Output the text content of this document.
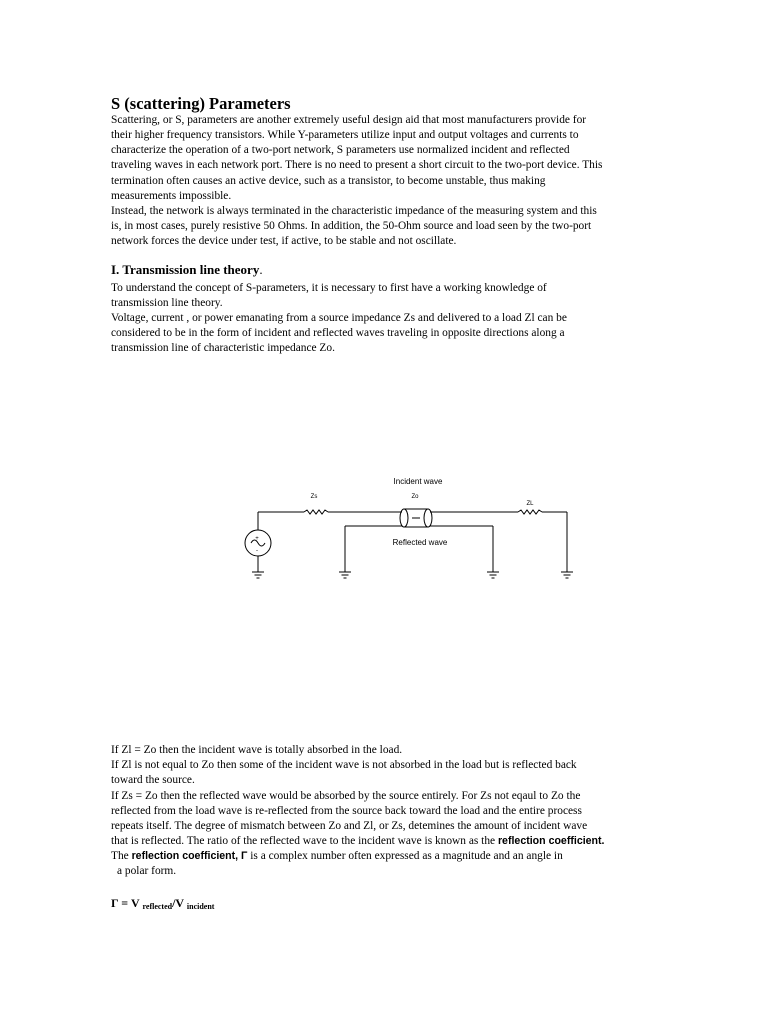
S (scattering) Parameters
Scattering, or S, parameters are another extremely useful design aid that most manufacturers provide for
their higher frequency transistors. While Y-parameters utilize input and output voltages and currents to
characterize the operation of a two-port network, S parameters use normalized incident and reflected
traveling waves in each network port. There is no need to present a short circuit to the two-port device. This
termination often causes an active device, such as a transistor, to become unstable, thus making
measurements impossible.
Instead, the network is always terminated in the characteristic impedance of the measuring system and this
is, in most cases, purely resistive 50 Ohms. In addition, the 50-Ohm source and load seen by the two-port
network forces the device under test, if active, to be stable and not oscillate.
I. Transmission line theory.
To understand the concept of S-parameters, it is necessary to first have a working knowledge of
transmission line theory.
Voltage, current , or power emanating from a source impedance Zs and delivered to a load Zl can be
considered to be in the form of incident and reflected waves traveling in opposite directions along a
transmission line of characteristic impedance Zo.
+
-
Incident wave
Reflected wave
Zs	Zo
ZL
If Zl = Zo then the incident wave is totally absorbed in the load.
If Zl is not equal to Zo then some of the incident wave is not absorbed in the load but is reflected back
toward the source.
If Zs = Zo then the reflected wave would be absorbed by the source entirely. For Zs not eqaul to Zo the
reflected from the load wave is re-reflected from the source back toward the load and the entire process
repeats itself. The degree of mismatch between Zo and Zl, or Zs, detemines the amount of incident wave
that is reflected. The ratio of the reflected wave to the incident wave is known as the reflection coefficient.
The reflection coefficient, Γ is a complex number often expressed as a magnitude and an angle in
a polar form.
Γ = V $_{reflected}$/V $_{incident}$
